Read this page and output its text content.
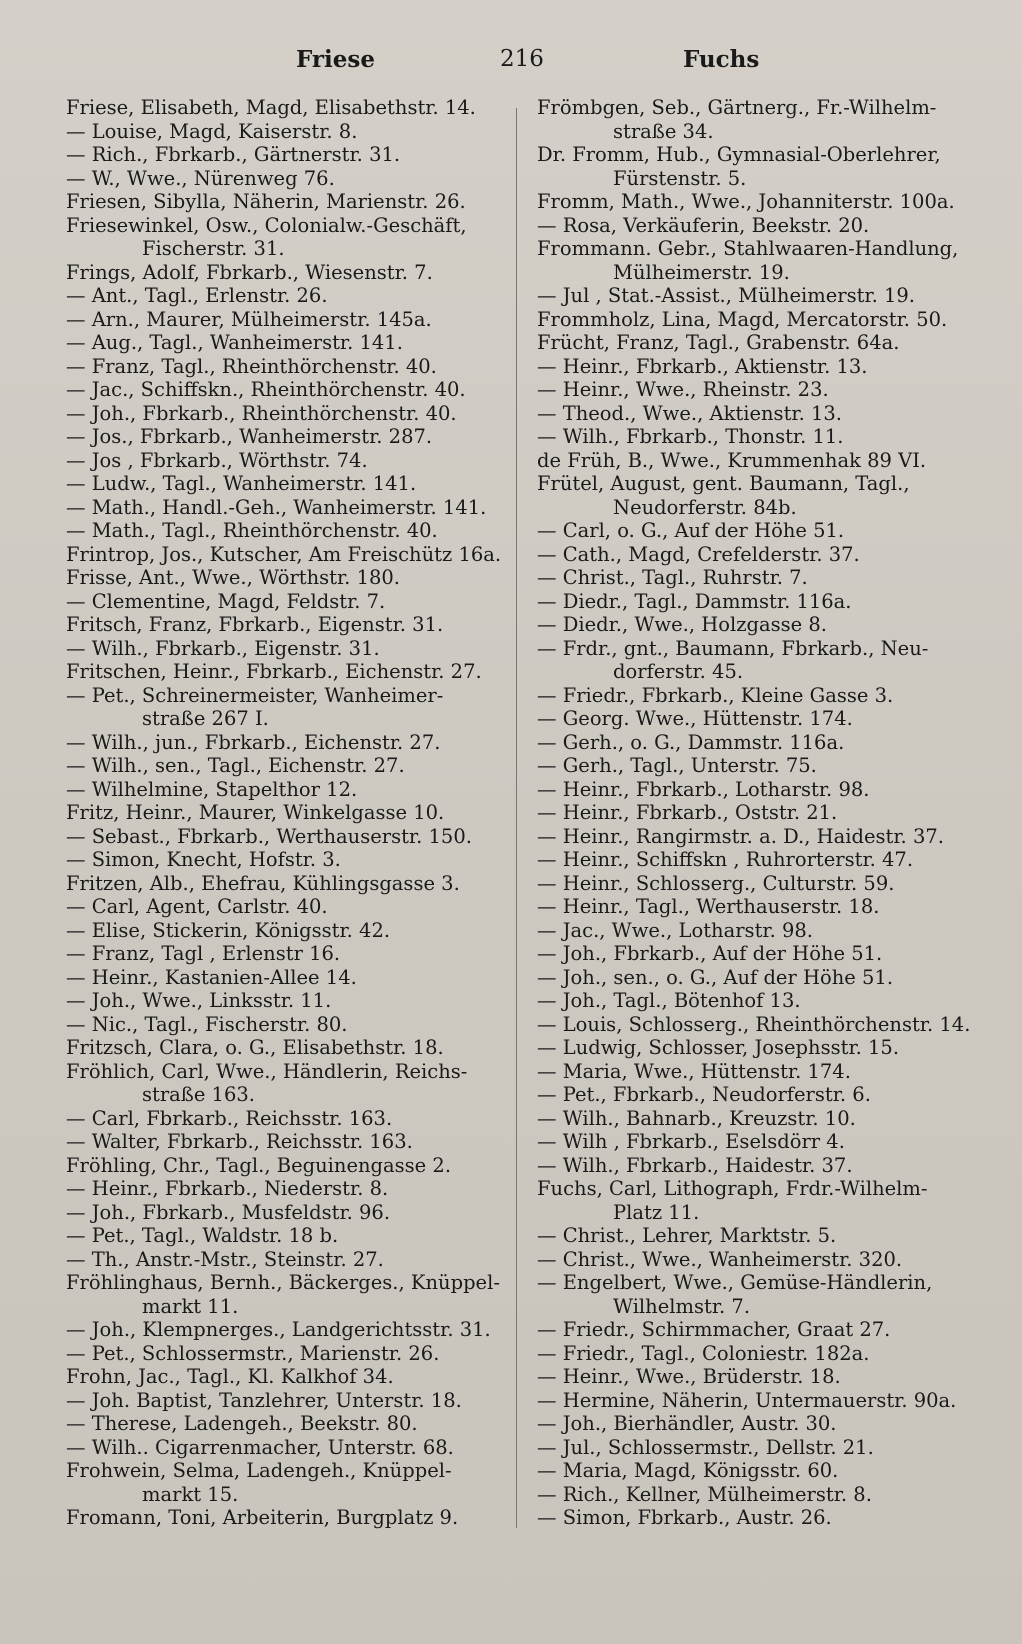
Friese	216	Fuchs
Friese, Elisabeth, Magd, Elisabethstr. 14.
— Louise, Magd, Kaiserstr. 8.
— Rich., Fbrkarb., Gärtnerstr. 31.
— W., Wwe., Nürenweg 76.
Friesen, Sibylla, Näherin, Marienstr. 26.
Friesewinkel, Osw., Colonialw.-Geschäft,
Fischerstr. 31.
Frings, Adolf, Fbrkarb., Wiesenstr. 7.
— Ant., Tagl., Erlenstr. 26.
— Arn., Maurer, Mülheimerstr. 145a.
— Aug., Tagl., Wanheimerstr. 141.
— Franz, Tagl., Rheinthörchenstr. 40.
— Jac., Schiffskn., Rheinthörchenstr. 40.
— Joh., Fbrkarb., Rheinthörchenstr. 40.
— Jos., Fbrkarb., Wanheimerstr. 287.
— Jos , Fbrkarb., Wörthstr. 74.
— Ludw., Tagl., Wanheimerstr. 141.
— Math., Handl.-Geh., Wanheimerstr. 141.
— Math., Tagl., Rheinthörchenstr. 40.
Frintrop, Jos., Kutscher, Am Freischütz 16a.
Frisse, Ant., Wwe., Wörthstr. 180.
— Clementine, Magd, Feldstr. 7.
Fritsch, Franz, Fbrkarb., Eigenstr. 31.
— Wilh., Fbrkarb., Eigenstr. 31.
Fritschen, Heinr., Fbrkarb., Eichenstr. 27.
— Pet., Schreinermeister, Wanheimer-
straße 267 I.
— Wilh., jun., Fbrkarb., Eichenstr. 27.
— Wilh., sen., Tagl., Eichenstr. 27.
— Wilhelmine, Stapelthor 12.
Fritz, Heinr., Maurer, Winkelgasse 10.
— Sebast., Fbrkarb., Werthauserstr. 150.
— Simon, Knecht, Hofstr. 3.
Fritzen, Alb., Ehefrau, Kühlingsgasse 3.
— Carl, Agent, Carlstr. 40.
— Elise, Stickerin, Königsstr. 42.
— Franz, Tagl , Erlenstr 16.
— Heinr., Kastanien-Allee 14.
— Joh., Wwe., Linksstr. 11.
— Nic., Tagl., Fischerstr. 80.
Fritzsch, Clara, o. G., Elisabethstr. 18.
Fröhlich, Carl, Wwe., Händlerin, Reichs-
straße 163.
— Carl, Fbrkarb., Reichsstr. 163.
— Walter, Fbrkarb., Reichsstr. 163.
Fröhling, Chr., Tagl., Beguinengasse 2.
— Heinr., Fbrkarb., Niederstr. 8.
— Joh., Fbrkarb., Musfeldstr. 96.
— Pet., Tagl., Waldstr. 18 b.
— Th., Anstr.-Mstr., Steinstr. 27.
Fröhlinghaus, Bernh., Bäckerges., Knüppel-
markt 11.
— Joh., Klempnerges., Landgerichtsstr. 31.
— Pet., Schlossermstr., Marienstr. 26.
Frohn, Jac., Tagl., Kl. Kalkhof 34.
— Joh. Baptist, Tanzlehrer, Unterstr. 18.
— Therese, Ladengeh., Beekstr. 80.
— Wilh.. Cigarrenmacher, Unterstr. 68.
Frohwein, Selma, Ladengeh., Knüppel-
markt 15.
Fromann, Toni, Arbeiterin, Burgplatz 9.
Frömbgen, Seb., Gärtnerg., Fr.-Wilhelm-
straße 34.
Dr. Fromm, Hub., Gymnasial-Oberlehrer,
Fürstenstr. 5.
Fromm, Math., Wwe., Johanniterstr. 100a.
— Rosa, Verkäuferin, Beekstr. 20.
Frommann. Gebr., Stahlwaaren-Handlung,
Mülheimerstr. 19.
— Jul , Stat.-Assist., Mülheimerstr. 19.
Frommholz, Lina, Magd, Mercatorstr. 50.
Frücht, Franz, Tagl., Grabenstr. 64a.
— Heinr., Fbrkarb., Aktienstr. 13.
— Heinr., Wwe., Rheinstr. 23.
— Theod., Wwe., Aktienstr. 13.
— Wilh., Fbrkarb., Thonstr. 11.
de Früh, B., Wwe., Krummenhak 89 VI.
Frütel, August, gent. Baumann, Tagl.,
Neudorferstr. 84b.
— Carl, o. G., Auf der Höhe 51.
— Cath., Magd, Crefelderstr. 37.
— Christ., Tagl., Ruhrstr. 7.
— Diedr., Tagl., Dammstr. 116a.
— Diedr., Wwe., Holzgasse 8.
— Frdr., gnt., Baumann, Fbrkarb., Neu-
dorferstr. 45.
— Friedr., Fbrkarb., Kleine Gasse 3.
— Georg. Wwe., Hüttenstr. 174.
— Gerh., o. G., Dammstr. 116a.
— Gerh., Tagl., Unterstr. 75.
— Heinr., Fbrkarb., Lotharstr. 98.
— Heinr., Fbrkarb., Oststr. 21.
— Heinr., Rangirmstr. a. D., Haidestr. 37.
— Heinr., Schiffskn , Ruhrorterstr. 47.
— Heinr., Schlosserg., Culturstr. 59.
— Heinr., Tagl., Werthauserstr. 18.
— Jac., Wwe., Lotharstr. 98.
— Joh., Fbrkarb., Auf der Höhe 51.
— Joh., sen., o. G., Auf der Höhe 51.
— Joh., Tagl., Bötenhof 13.
— Louis, Schlosserg., Rheinthörchenstr. 14.
— Ludwig, Schlosser, Josephsstr. 15.
— Maria, Wwe., Hüttenstr. 174.
— Pet., Fbrkarb., Neudorferstr. 6.
— Wilh., Bahnarb., Kreuzstr. 10.
— Wilh , Fbrkarb., Eselsdörr 4.
— Wilh., Fbrkarb., Haidestr. 37.
Fuchs, Carl, Lithograph, Frdr.-Wilhelm-
Platz 11.
— Christ., Lehrer, Marktstr. 5.
— Christ., Wwe., Wanheimerstr. 320.
— Engelbert, Wwe., Gemüse-Händlerin,
Wilhelmstr. 7.
— Friedr., Schirmmacher, Graat 27.
— Friedr., Tagl., Coloniestr. 182a.
— Heinr., Wwe., Brüderstr. 18.
— Hermine, Näherin, Untermauerstr. 90a.
— Joh., Bierhändler, Austr. 30.
— Jul., Schlossermstr., Dellstr. 21.
— Maria, Magd, Königsstr. 60.
— Rich., Kellner, Mülheimerstr. 8.
— Simon, Fbrkarb., Austr. 26.
